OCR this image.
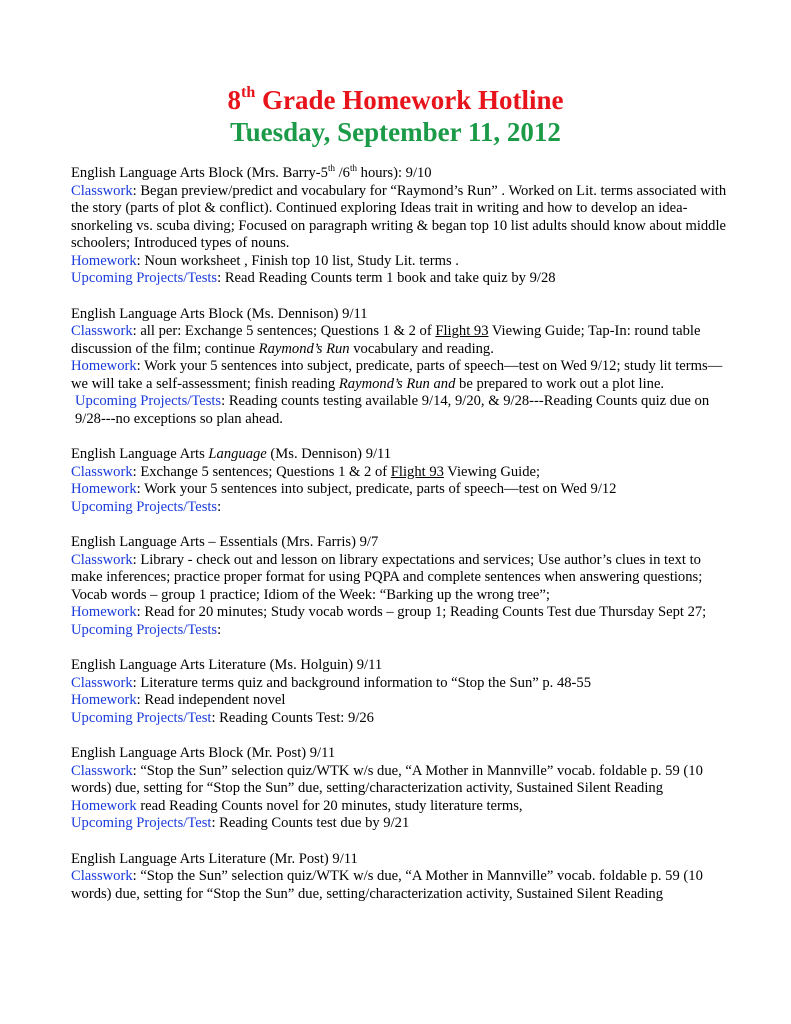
8th Grade Homework Hotline
Tuesday, September 11, 2012

English Language Arts Block (Mrs. Barry-5th /6th hours): 9/10

Classwork: Began preview/predict and vocabulary for “Raymond’s Run” . Worked on Lit. terms associated with the story (parts of plot & conflict). Continued exploring Ideas trait in writing and how to develop an idea- snorkeling vs. scuba diving; Focused on paragraph writing & began top 10 list adults should know about middle schoolers; Introduced types of nouns.

Homework: Noun worksheet , Finish top 10 list, Study Lit. terms .

Upcoming Projects/Tests: Read Reading Counts term 1 book and take quiz by 9/28

English Language Arts Block (Ms. Dennison) 9/11

Classwork: all per: Exchange 5 sentences; Questions 1 & 2 of Flight 93 Viewing Guide; Tap-In: round table discussion of the film; continue Raymond’s Run vocabulary and reading.

Homework: Work your 5 sentences into subject, predicate, parts of speech—test on Wed 9/12; study lit terms—we will take a self-assessment; finish reading Raymond’s Run and be prepared to work out a plot line.

Upcoming Projects/Tests: Reading counts testing available 9/14, 9/20, & 9/28---Reading Counts quiz due on 9/28---no exceptions so plan ahead.

English Language Arts Language (Ms. Dennison) 9/11

Classwork: Exchange 5 sentences; Questions 1 & 2 of Flight 93 Viewing Guide;

Homework: Work your 5 sentences into subject, predicate, parts of speech—test on Wed 9/12

Upcoming Projects/Tests:

English Language Arts – Essentials (Mrs. Farris) 9/7

Classwork: Library - check out and lesson on library expectations and services; Use author’s clues in text to make inferences; practice proper format for using PQPA and complete sentences when answering questions; Vocab words – group 1 practice; Idiom of the Week: “Barking up the wrong tree”;

Homework: Read for 20 minutes; Study vocab words – group 1; Reading Counts Test due Thursday Sept 27;

Upcoming Projects/Tests:

English Language Arts Literature (Ms. Holguin) 9/11

Classwork: Literature terms quiz and background information to “Stop the Sun” p. 48-55

Homework: Read independent novel

Upcoming Projects/Test: Reading Counts Test: 9/26

English Language Arts Block (Mr. Post) 9/11

Classwork: “Stop the Sun” selection quiz/WTK w/s due, “A Mother in Mannville” vocab. foldable p. 59 (10 words) due, setting for “Stop the Sun” due, setting/characterization activity, Sustained Silent Reading

Homework read Reading Counts novel for 20 minutes, study literature terms,

Upcoming Projects/Test: Reading Counts test due by 9/21

English Language Arts Literature (Mr. Post) 9/11

Classwork: “Stop the Sun” selection quiz/WTK w/s due, “A Mother in Mannville” vocab. foldable p. 59 (10 words) due, setting for “Stop the Sun” due, setting/characterization activity, Sustained Silent Reading
